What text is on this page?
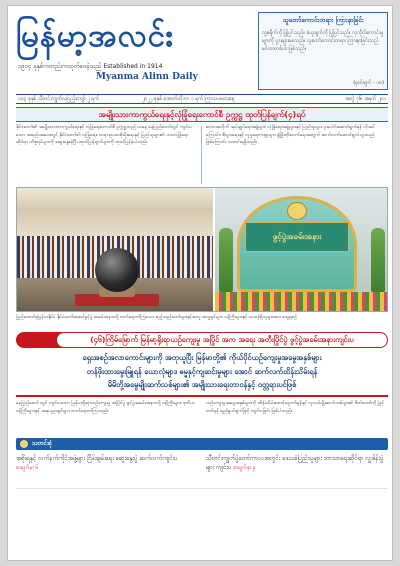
မြန်မာ့အလင်း
၁၉၁၄ ခုနှစ်ကတည်းကထုတ်ဝေခဲ့သည် Established in 1914
Myanma Alinn Daily
သူတော်ကောင်းတရား ကြားနာခြင်း
လူ့စရိုက်ကို ပြုပြင်သည်။ ခံယူချက်ကို ပြုပြင်သည်။ ကုသိုလ်ကောင်းမှုများကို ပွားများစေသည်။ သူတော်ကောင်းတရား ကြားနာခြင်းသည် မင်္ဂလာတစ်ပါး ဖြစ်သည်။
(မှတ်ချက် - ၁၈)
၁၀၃ ခုနှစ် သီတင်းကျွတ်လပြည့်ကျော် ၂ ရက်	၂၀၂၂ ခုနှစ် အောက်တိုဘာ ၁ ရက် ကြာသပတေးနေ့	အတွဲ ၇၆၊ အမှတ် ၂၀၁
အမျိုးသားကာကွယ်ရေးနှင့်လုံခြုံရေးကောင်စီ ဥက္ကဋ္ဌ ထုတ်ပြန်ချက်(၄)ရပ်
နိုင်ငံတော်၏ အမျိုးသားကာကွယ်ရေးနှင့် လုံခြုံရေးကောင်စီ ဥက္ကဋ္ဌသည် ယနေ့ နေပြည်တော်တွင် ကျင်းပသော အစည်းအဝေးတွင် နိုင်ငံတော်၏ လုံခြုံရေး၊ တရားဥပဒေစိုးမိုးရေးနှင့် ပြည်သူများ၏ ဘဝလုံခြုံရေးဆိုင်ရာ ကိစ္စရပ်များကို ဆွေးနွေးခဲ့ပြီး ထုတ်ပြန်ချက်များကို ထုတ်ပြန်ခဲ့ပါသည်။
ဒေသအလိုက် အုပ်ချုပ်ရေးအဖွဲ့များ၊ လုံခြုံရေးအဖွဲ့များနှင့် ပြည်သူများ ပူးပေါင်းဆောင်ရွက်ရန် လိုအပ်ကြောင်း၊ စီးပွားရေးနှင့် လူမှုရေးကဏ္ဍများ ဖွံ့ဖြိုးတိုးတက်ရေးအတွက် ဆက်လက်ဆောင်ရွက်သွားမည်ဖြစ်ကြောင်း သတင်းရရှိသည်။
ဖွင့်ပွဲအခမ်းအနား
ပြည်ထောင်စုမြန်မာနိုင်ငံ နိုင်ငံတော်အဆင့်ဖွင့်ပွဲ အခမ်းအနားသို့ တက်ရောက်ကြသော ဧည့်သည်တော်များနှင့်အတူ အလှူရှင်များ၊ ဝန်ကြီးများနှင့် တာဝန်ရှိသူများအား တွေ့ရစဉ်
(၄၆)ကြိမ်မြောက် မြန်မာ့ရိုးရာယဉ်ကျေးမှု အပြိုင် အက အရေး အတီးပြိုင်ပွဲ ဖွင့်ပွဲအခမ်းအနားကျင်းပ
ရှေးအစဉ်အလာကောင်းများကို အတုယူပြီး မြန်မာတို့၏ ကိုယ်ပိုင်ယဉ်ကျေးမှုအမွေအနှစ်များ
တန်ဖိုးထားမွေးမြူရန် ယောလုံများ၊ ဓမ္မနှင့်ကျဆင်းမှုများ အောင် ဆက်လက်ထိန်းသိမ်းရန်
မိမိတို့အမွေမျိုးဆက်သစ်များ၏ အမျိုးသားရေးတာဝန်နှင့် ဝတ္တရားပင်ဖြစ်
နေပြည်တော် တွင် ကျင်းပသော မြန်မာ့ရိုးရာယဉ်ကျေးမှု အပြိုင်ပွဲ ဖွင့်ပွဲအခမ်းအနားသို့ ဝန်ကြီးများ၊ ဒုတိယဝန်ကြီးများနှင့် အနုပညာရှင်များ တက်ရောက်ကြသည်။
ယဉ်ကျေးမှုအမွေအနှစ်များကို ထိန်းသိမ်းစောင့်ရှောက်ရန်နှင့် လူငယ်မျိုးဆက်သစ်များ၏ စိတ်ဓာတ်ကို မြှင့်တင်ရန် ရည်ရွယ်ချက်ဖြင့် ကျင်းပခြင်း ဖြစ်ပါသည်။
သတင်းစုံ
အစိုးရနှင့် လက်နက်ကိုင်အဖွဲ့များ ငြိမ်းချမ်းရေး ဆွေးနွေးပွဲ ဆက်လက်ကျင်းပ စာမျက်နှာ ၆
သီတင်းကျွတ်ပွဲတော်ကာလအတွင်း ဒေသခံပြည်သူများ ဘာသာရေးဆိုင်ရာ လှူဒါန်းပွဲများ ကျင်းပ စာမျက်နှာ ၉
